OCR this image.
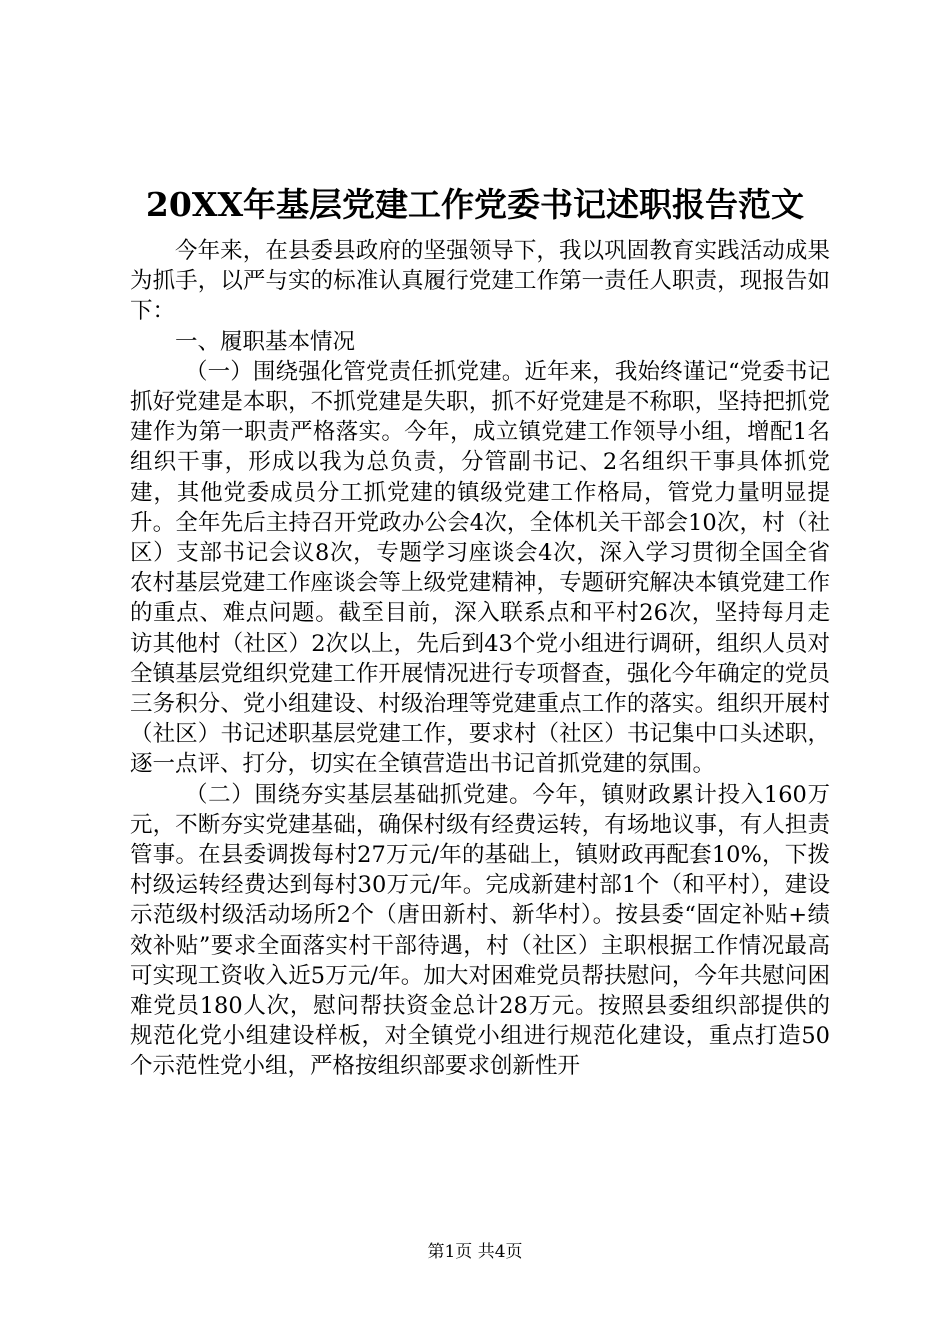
20XX年基层党建工作党委书记述职报告范文

今年来，在县委县政府的坚强领导下，我以巩固教育实践活动成果为抓手，以严与实的标准认真履行党建工作第一责任人职责，现报告如下：

一、履职基本情况

（一）围绕强化管党责任抓党建。近年来，我始终谨记“党委书记抓好党建是本职，不抓党建是失职，抓不好党建是不称职，坚持把抓党建作为第一职责严格落实。今年，成立镇党建工作领导小组，增配1名组织干事，形成以我为总负责，分管副书记、2名组织干事具体抓党建，其他党委成员分工抓党建的镇级党建工作格局，管党力量明显提升。全年先后主持召开党政办公会4次，全体机关干部会10次，村（社区）支部书记会议8次，专题学习座谈会4次，深入学习贯彻全国全省农村基层党建工作座谈会等上级党建精神，专题研究解决本镇党建工作的重点、难点问题。截至目前，深入联系点和平村26次，坚持每月走访其他村（社区）2次以上，先后到43个党小组进行调研，组织人员对全镇基层党组织党建工作开展情况进行专项督查，强化今年确定的党员三务积分、党小组建设、村级治理等党建重点工作的落实。组织开展村（社区）书记述职基层党建工作，要求村（社区）书记集中口头述职，逐一点评、打分，切实在全镇营造出书记首抓党建的氛围。

（二）围绕夯实基层基础抓党建。今年，镇财政累计投入160万元，不断夯实党建基础，确保村级有经费运转，有场地议事，有人担责管事。在县委调拨每村27万元/年的基础上，镇财政再配套10%，下拨村级运转经费达到每村30万元/年。完成新建村部1个（和平村），建设示范级村级活动场所2个（唐田新村、新华村）。按县委“固定补贴+绩效补贴”要求全面落实村干部待遇，村（社区）主职根据工作情况最高可实现工资收入近5万元/年。加大对困难党员帮扶慰问，今年共慰问困难党员180人次，慰问帮扶资金总计28万元。按照县委组织部提供的规范化党小组建设样板，对全镇党小组进行规范化建设，重点打造50个示范性党小组，严格按组织部要求创新性开

第1页 共4页
